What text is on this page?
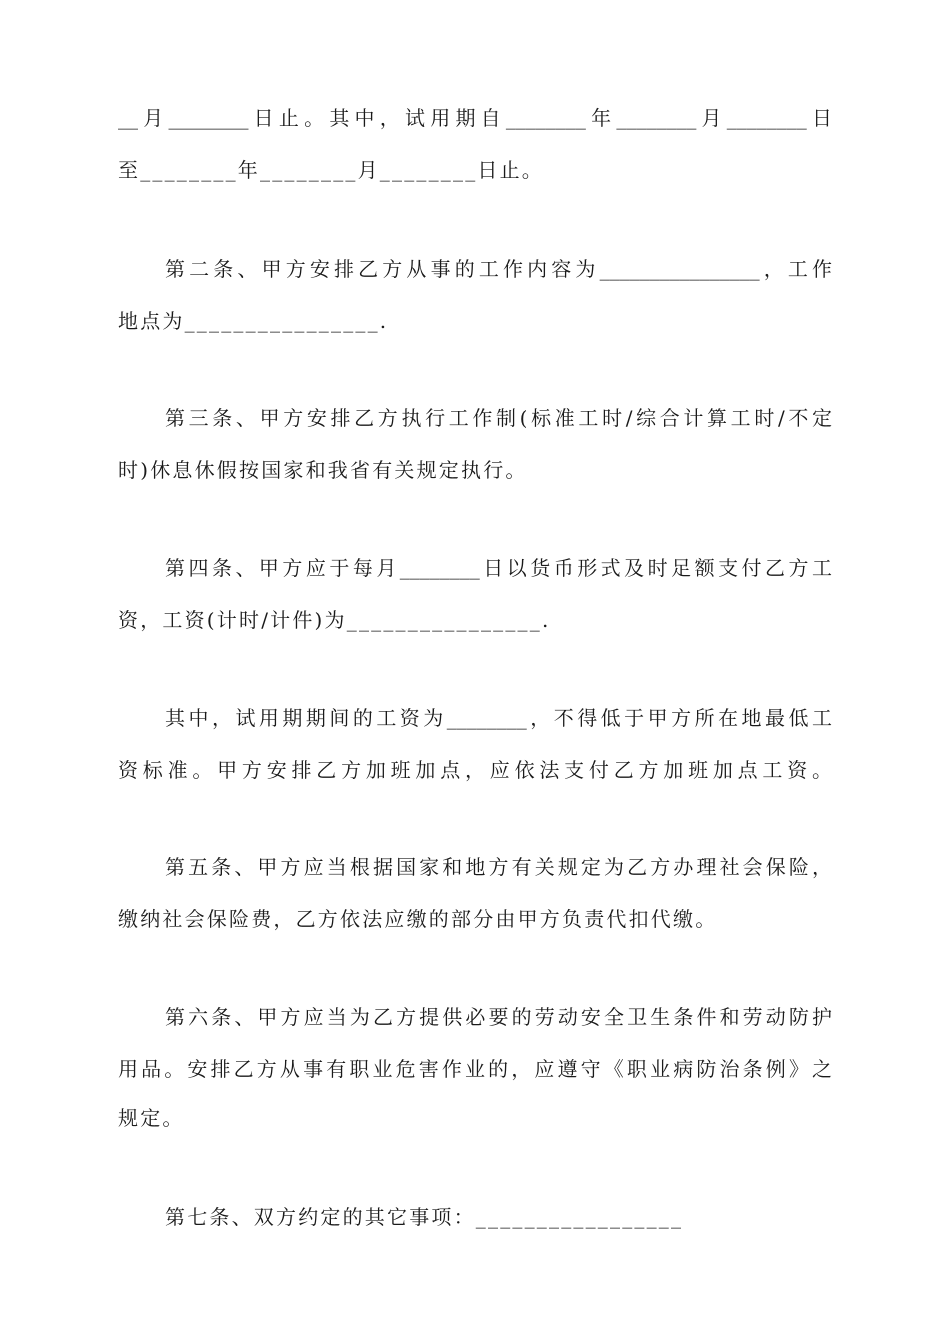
__月________日止。其中，试用期自________年________月________日
至________年________月________日止。
第二条、甲方安排乙方从事的工作内容为________________，工作
地点为________________.
第三条、甲方安排乙方执行工作制(标准工时/综合计算工时/不定
时)休息休假按国家和我省有关规定执行。
第四条、甲方应于每月________日以货币形式及时足额支付乙方工
资，工资(计时/计件)为________________.
其中，试用期期间的工资为________，不得低于甲方所在地最低工
资标准。甲方安排乙方加班加点，应依法支付乙方加班加点工资。
第五条、甲方应当根据国家和地方有关规定为乙方办理社会保险，
缴纳社会保险费，乙方依法应缴的部分由甲方负责代扣代缴。
第六条、甲方应当为乙方提供必要的劳动安全卫生条件和劳动防护
用品。安排乙方从事有职业危害作业的，应遵守《职业病防治条例》之
规定。
第七条、双方约定的其它事项：_________________
